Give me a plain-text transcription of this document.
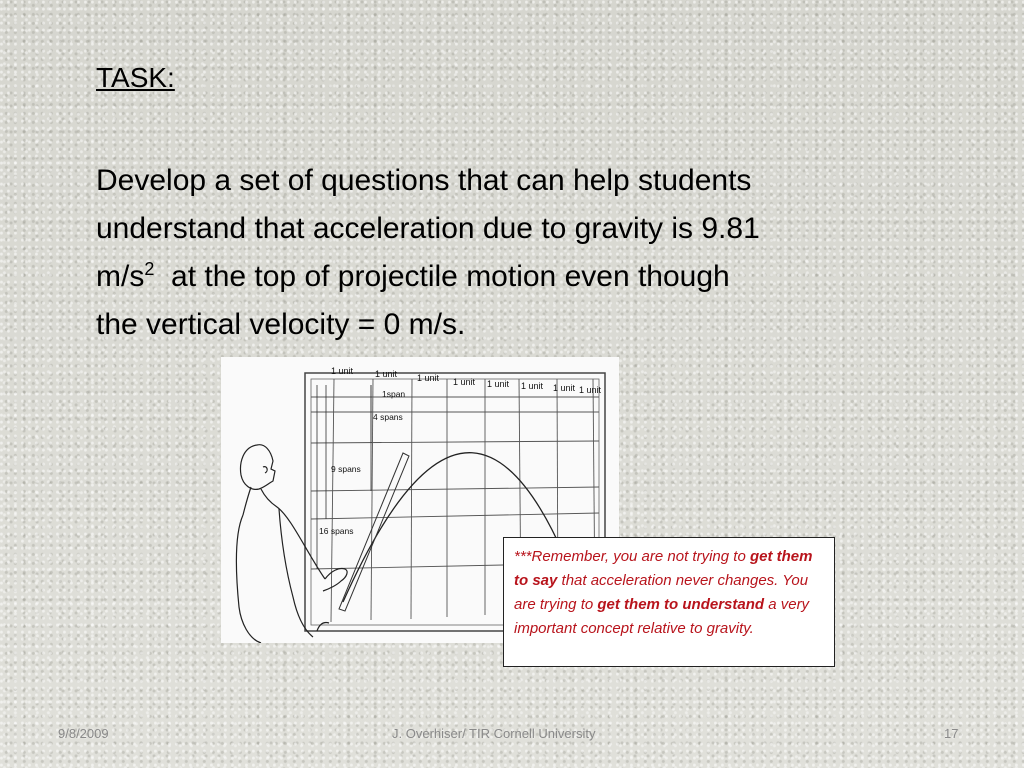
TASK:

Develop a set of questions that can help students
understand that acceleration due to gravity is 9.81
$m/s^2$ at the top of projectile motion even though
the vertical velocity = 0 m/s.

1 unit 1 unit 1 unit 1 unit 1 unit 1 unit 1 unit 1 unit
1span
4 spans
9 spans
16 spans
***Remember, you are not trying to get them to say that acceleration never changes. You are trying to get them to understand a very important concept relative to gravity.
9/8/2009	J. Overhiser/ TIR Cornell University	17
